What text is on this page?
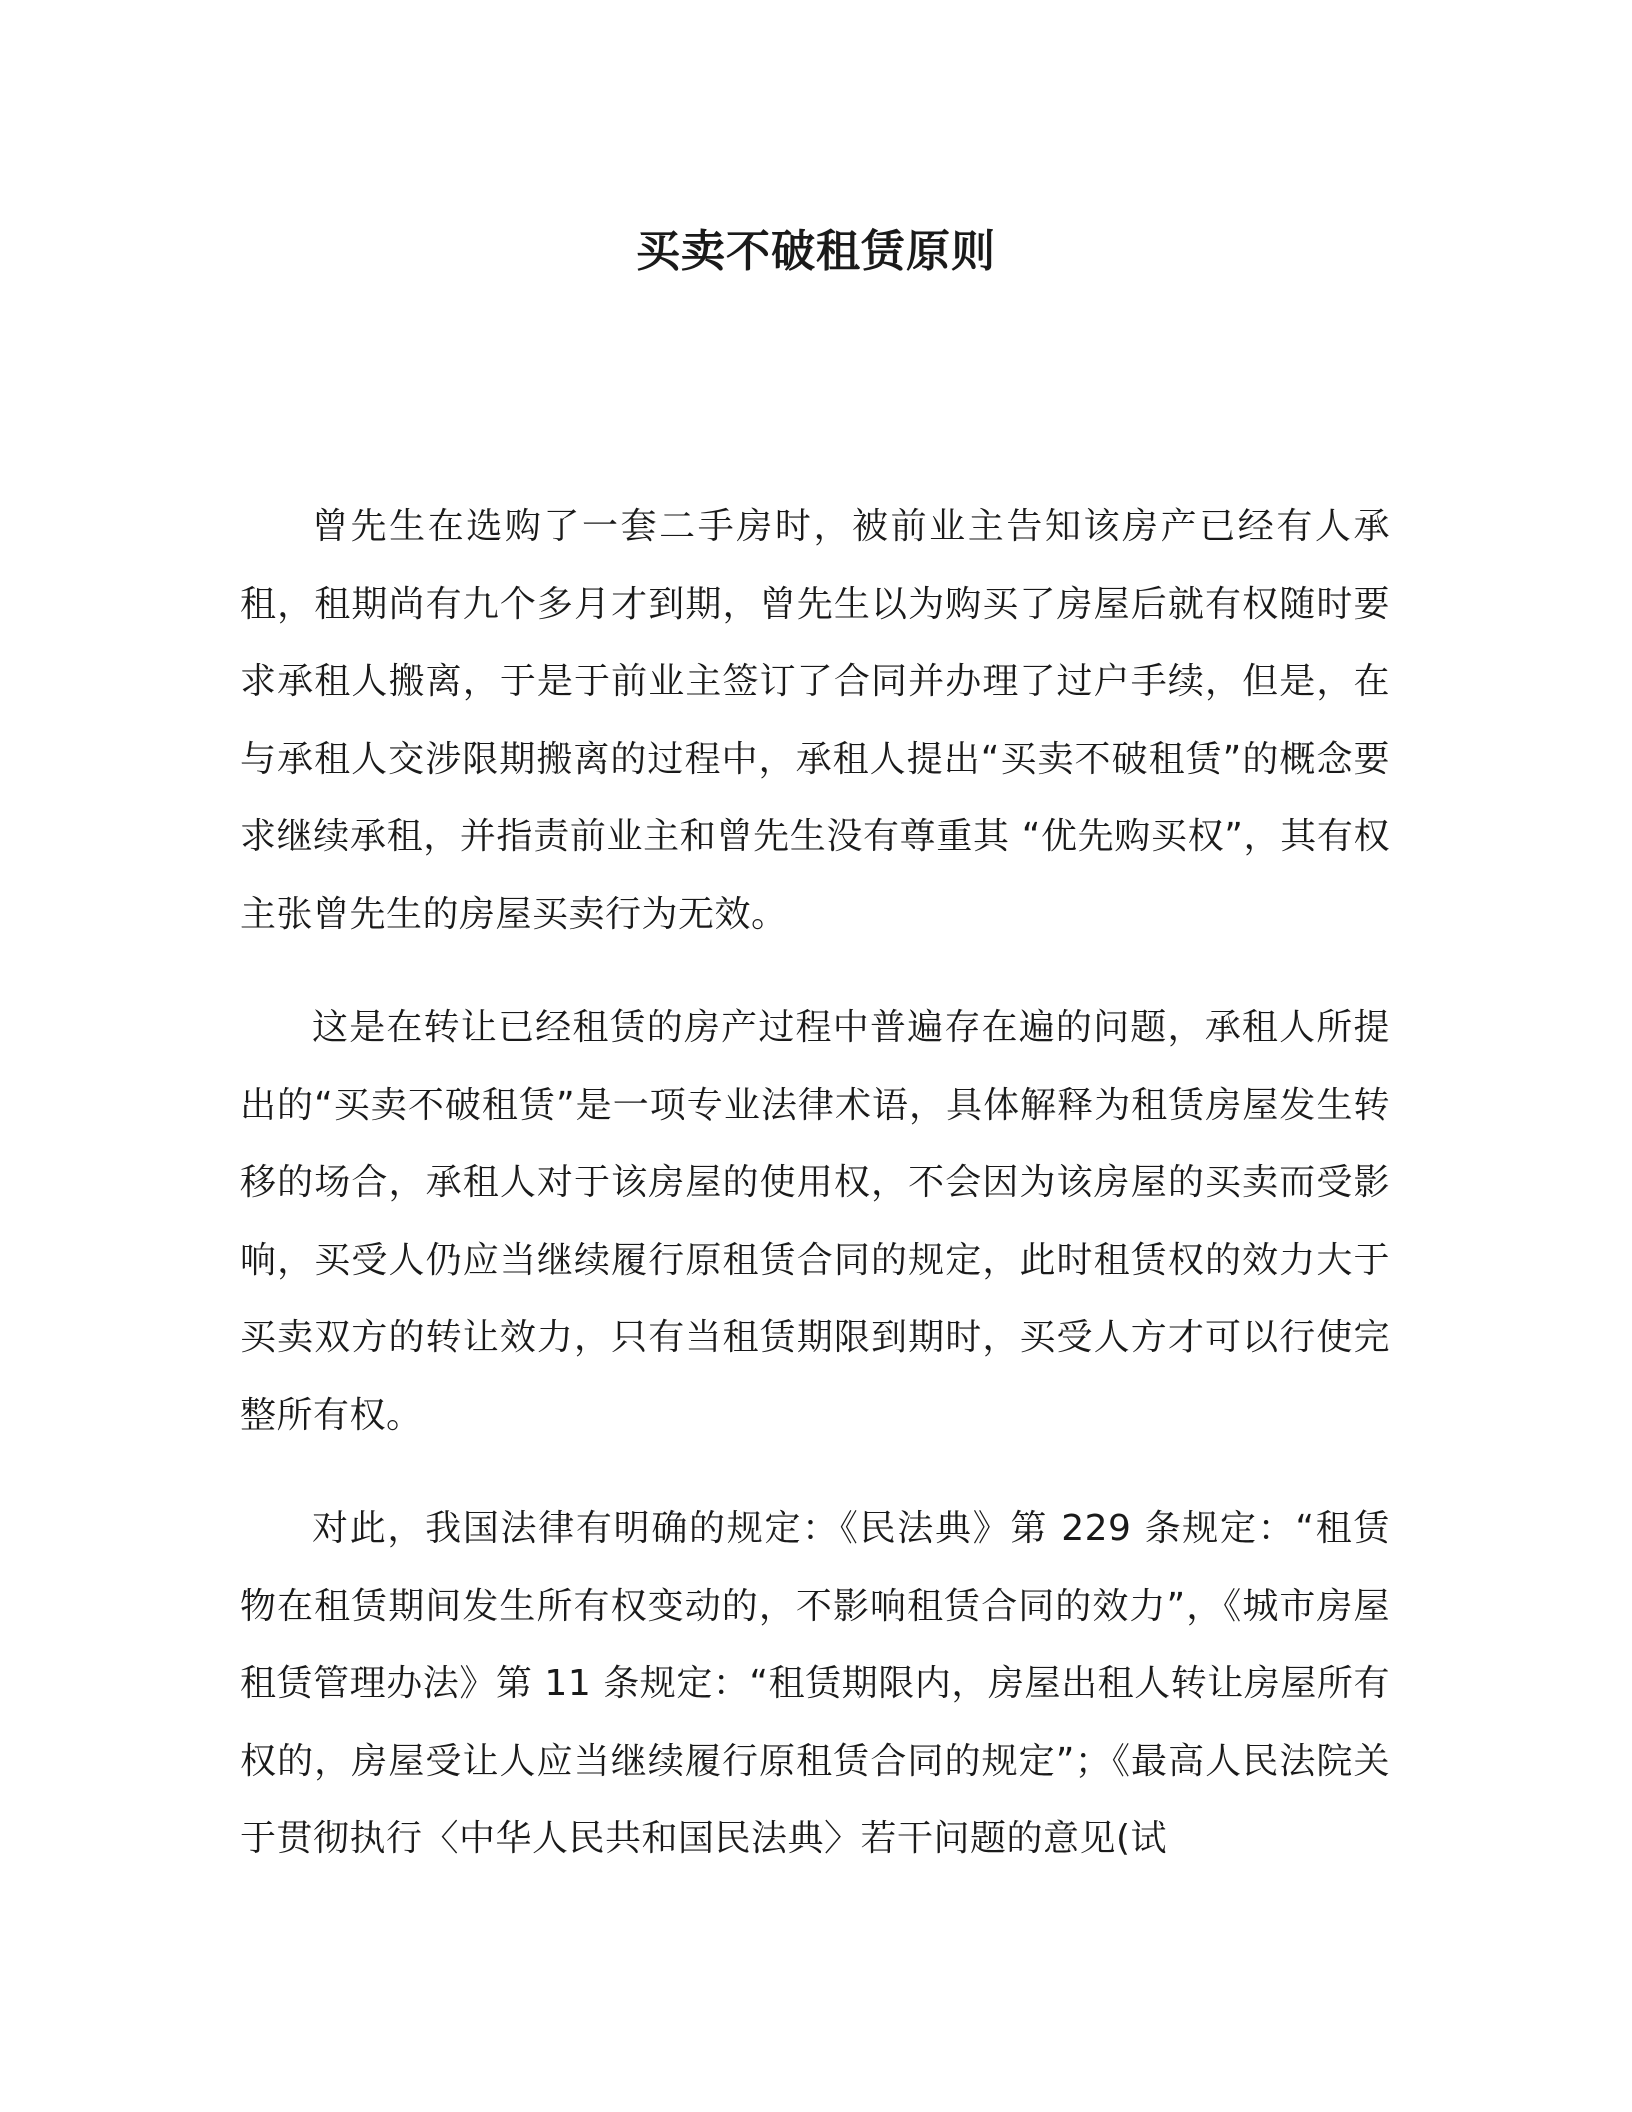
买卖不破租赁原则

曾先生在选购了一套二手房时，被前业主告知该房产已经有人承租，租期尚有九个多月才到期，曾先生以为购买了房屋后就有权随时要求承租人搬离，于是于前业主签订了合同并办理了过户手续，但是，在与承租人交涉限期搬离的过程中，承租人提出“买卖不破租赁”的概念要求继续承租，并指责前业主和曾先生没有尊重其 “优先购买权”，其有权主张曾先生的房屋买卖行为无效。

这是在转让已经租赁的房产过程中普遍存在遍的问题，承租人所提出的“买卖不破租赁”是一项专业法律术语，具体解释为租赁房屋发生转移的场合，承租人对于该房屋的使用权，不会因为该房屋的买卖而受影响，买受人仍应当继续履行原租赁合同的规定，此时租赁权的效力大于买卖双方的转让效力，只有当租赁期限到期时，买受人方才可以行使完整所有权。

对此，我国法律有明确的规定：《民法典》第 229 条规定：“租赁物在租赁期间发生所有权变动的，不影响租赁合同的效力”，《城市房屋租赁管理办法》第 11 条规定：“租赁期限内，房屋出租人转让房屋所有权的，房屋受让人应当继续履行原租赁合同的规定”；《最高人民法院关于贯彻执行〈中华人民共和国民法典〉若干问题的意见(试
